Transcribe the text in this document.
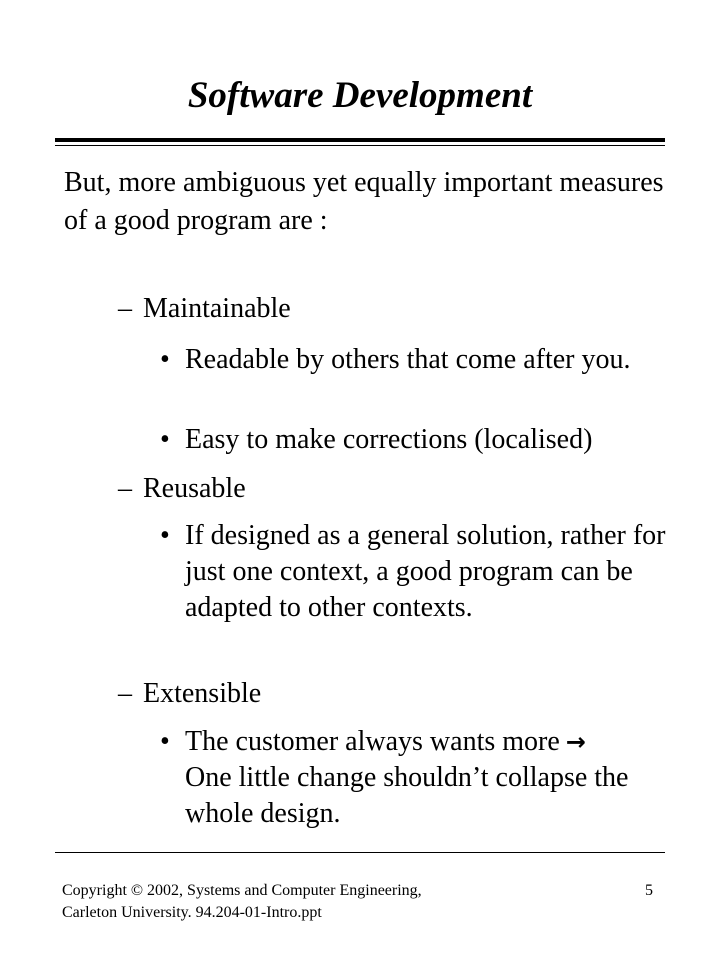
Software Development
But, more ambiguous yet equally important measures of a good program are :
– Maintainable
• Readable by others that come after you.
• Easy to make corrections (localised)
– Reusable
• If designed as a general solution, rather for just one context, a good program can be adapted to other contexts.
– Extensible
• The customer always wants more →
One little change shouldn’t collapse the whole design.
Copyright © 2002, Systems and Computer Engineering,
Carleton University. 94.204-01-Intro.ppt
5
